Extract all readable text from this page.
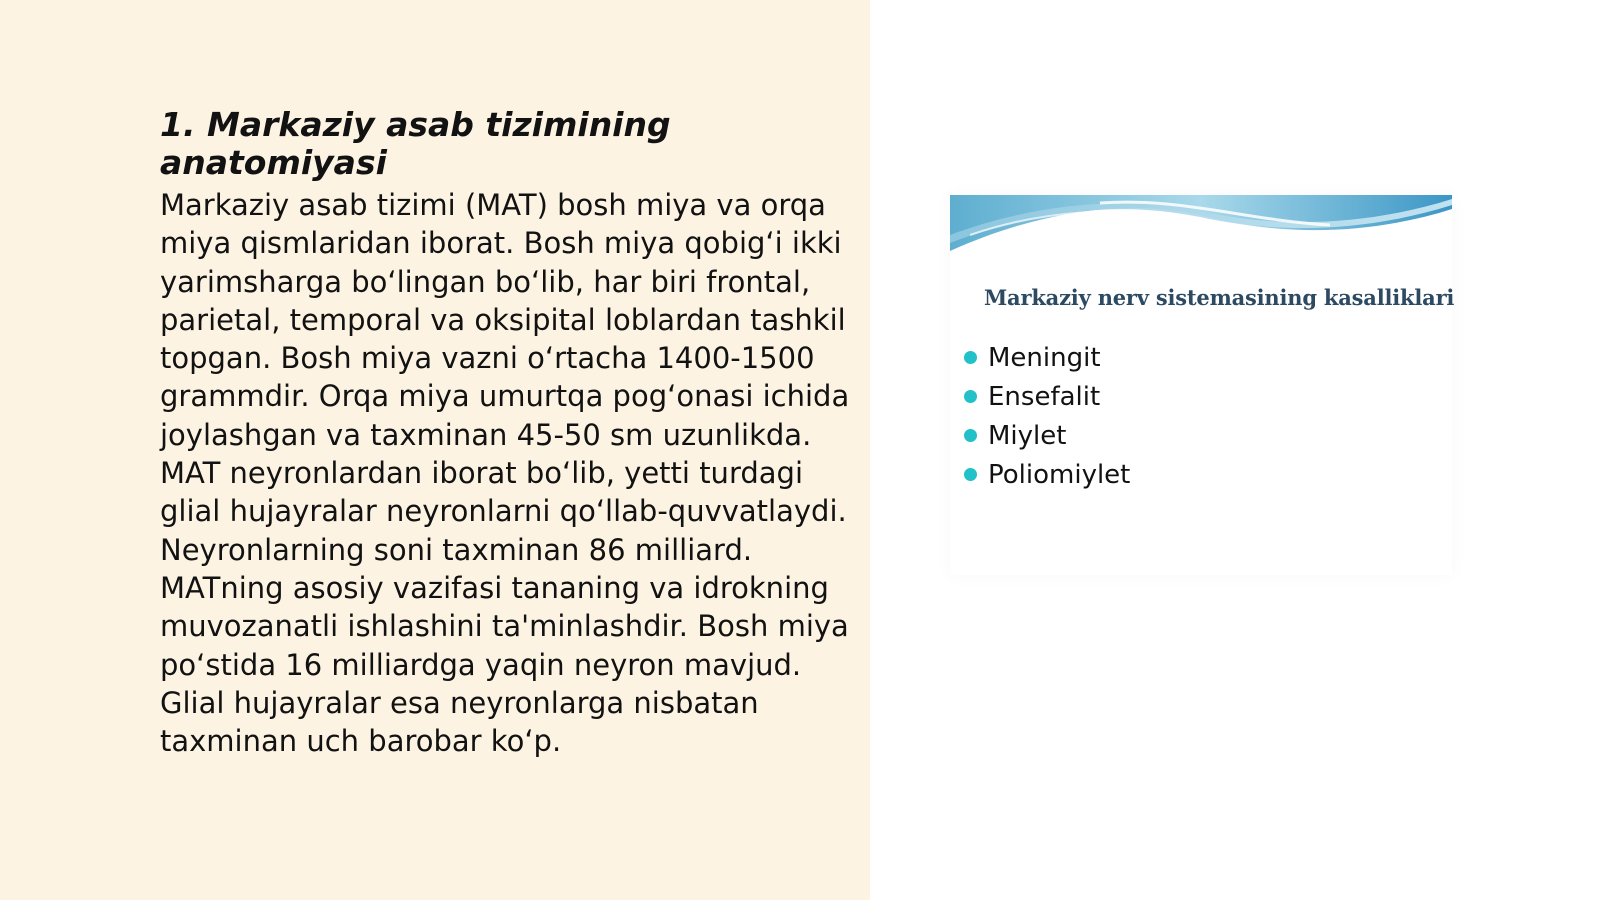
1. Markaziy asab tizimining anatomiyasi

Markaziy asab tizimi (MAT) bosh miya va orqa miya qismlaridan iborat. Bosh miya qobig‘i ikki yarimsharga bo‘lingan bo‘lib, har biri frontal, parietal, temporal va oksipital loblardan tashkil topgan. Bosh miya vazni o‘rtacha 1400-1500 grammdir. Orqa miya umurtqa pog‘onasi ichida joylashgan va taxminan 45-50 sm uzunlikda. MAT neyronlardan iborat bo‘lib, yetti turdagi glial hujayralar neyronlarni qo‘llab-quvvatlaydi. Neyronlarning soni taxminan 86 milliard. MATning asosiy vazifasi tananing va idrokning muvozanatli ishlashini ta'minlashdir. Bosh miya po‘stida 16 milliardga yaqin neyron mavjud. Glial hujayralar esa neyronlarga nisbatan taxminan uch barobar ko‘p.

Markaziy nerv sistemasining kasalliklari

Meningit
Ensefalit
Miylet
Poliomiylet
